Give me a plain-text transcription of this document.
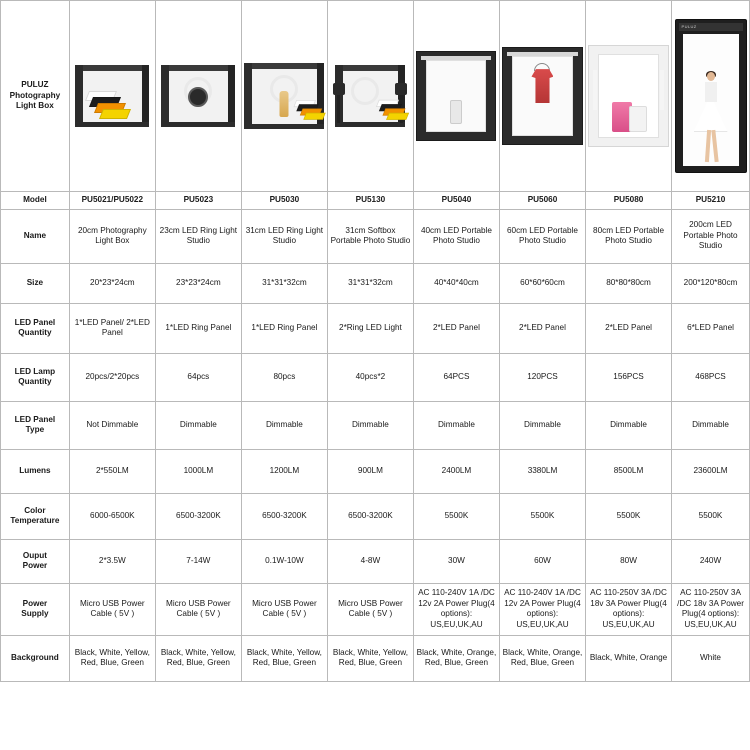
PULUZ
Photography
Light Box								PULUZ

Model	PU5021/PU5022	PU5023	PU5030	PU5130	PU5040	PU5060	PU5080	PU5210
Name	20cm Photography Light Box	23cm LED Ring Light Studio	31cm LED Ring Light Studio	31cm Softbox Portable Photo Studio	40cm LED Portable Photo Studio	60cm LED Portable Photo Studio	80cm LED Portable Photo Studio	200cm LED Portable Photo Studio
Size	20*23*24cm	23*23*24cm	31*31*32cm	31*31*32cm	40*40*40cm	60*60*60cm	80*80*80cm	200*120*80cm
LED Panel
Quantity	1*LED Panel/ 2*LED Panel	1*LED Ring Panel	1*LED Ring Panel	2*Ring LED Light	2*LED Panel	2*LED Panel	2*LED Panel	6*LED Panel
LED Lamp
Quantity	20pcs/2*20pcs	64pcs	80pcs	40pcs*2	64PCS	120PCS	156PCS	468PCS
LED Panel
Type	Not Dimmable	Dimmable	Dimmable	Dimmable	Dimmable	Dimmable	Dimmable	Dimmable
Lumens	2*550LM	1000LM	1200LM	900LM	2400LM	3380LM	8500LM	23600LM
Color
Temperature	6000-6500K	6500-3200K	6500-3200K	6500-3200K	5500K	5500K	5500K	5500K
Ouput
Power	2*3.5W	7-14W	0.1W-10W	4-8W	30W	60W	80W	240W
Power
Supply	Micro USB Power Cable ( 5V )	Micro USB Power Cable ( 5V )	Micro USB Power Cable ( 5V )	Micro USB Power Cable ( 5V )	AC 110-240V 1A /DC 12v 2A Power Plug(4 options): US,EU,UK,AU	AC 110-240V 1A /DC 12v 2A Power Plug(4 options): US,EU,UK,AU	AC 110-250V 3A /DC 18v 3A Power Plug(4 options): US,EU,UK,AU	AC 110-250V 3A /DC 18v 3A Power Plug(4 options): US,EU,UK,AU
Background	Black, White, Yellow, Red, Blue, Green	Black, White, Yellow, Red, Blue, Green	Black, White, Yellow, Red, Blue, Green	Black, White, Yellow, Red, Blue, Green	Black, White, Orange, Red, Blue, Green	Black, White, Orange, Red, Blue, Green	Black, White, Orange	White
